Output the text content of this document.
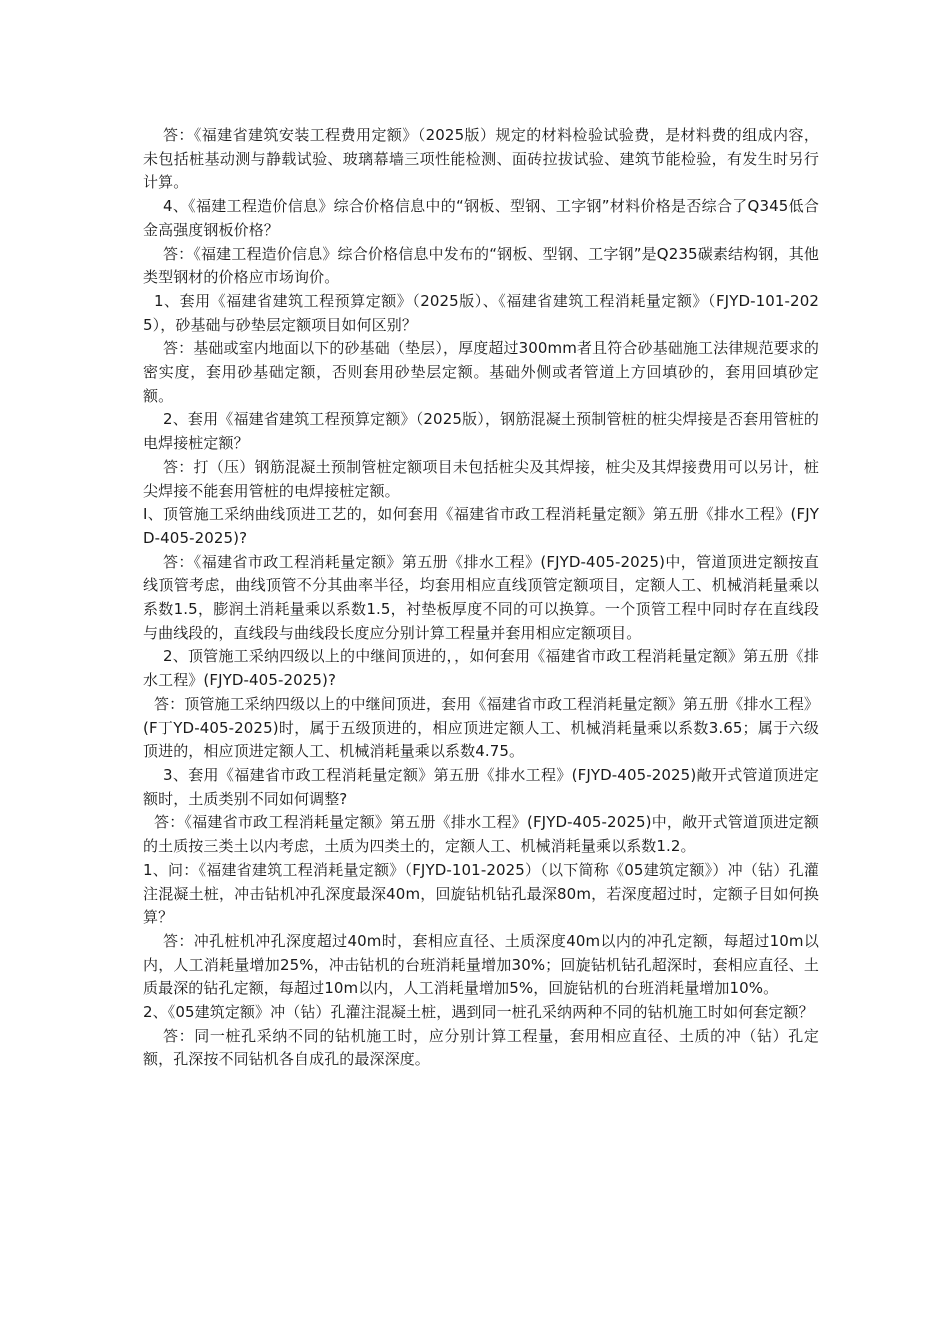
答：《福建省建筑安装工程费用定额》（2025版）规定的材料检验试验费，是材料费的组成内容，未包括桩基动测与静载试验、玻璃幕墙三项性能检测、面砖拉拔试验、建筑节能检验，有发生时另行计算。

4、《福建工程造价信息》综合价格信息中的“钢板、型钢、工字钢”材料价格是否综合了Q345低合金高强度钢板价格？

答：《福建工程造价信息》综合价格信息中发布的“钢板、型钢、工字钢”是Q235碳素结构钢，其他类型钢材的价格应市场询价。

1、套用《福建省建筑工程预算定额》（2025版）、《福建省建筑工程消耗量定额》（FJYD-101-2025），砂基础与砂垫层定额项目如何区别？

答：基础或室内地面以下的砂基础（垫层），厚度超过300mm者且符合砂基础施工法律规范要求的密实度，套用砂基础定额，否则套用砂垫层定额。基础外侧或者管道上方回填砂的，套用回填砂定额。

2、套用《福建省建筑工程预算定额》（2025版），钢筋混凝土预制管桩的桩尖焊接是否套用管桩的电焊接桩定额？

答：打（压）钢筋混凝土预制管桩定额项目未包括桩尖及其焊接，桩尖及其焊接费用可以另计，桩尖焊接不能套用管桩的电焊接桩定额。

I、顶管施工采纳曲线顶进工艺的，如何套用《福建省市政工程消耗量定额》第五册《排水工程》(FJYD-405-2025)?

答：《福建省市政工程消耗量定额》第五册《排水工程》(FJYD-405-2025)中，管道顶进定额按直线顶管考虑，曲线顶管不分其曲率半径，均套用相应直线顶管定额项目，定额人工、机械消耗量乘以系数1.5，膨润土消耗量乘以系数1.5，衬垫板厚度不同的可以换算。一个顶管工程中同时存在直线段与曲线段的，直线段与曲线段长度应分别计算工程量并套用相应定额项目。

2、顶管施工采纳四级以上的中继间顶进的，，如何套用《福建省市政工程消耗量定额》第五册《排水工程》(FJYD-405-2025)?

答：顶管施工采纳四级以上的中继间顶进，套用《福建省市政工程消耗量定额》第五册《排水工程》(F丁YD-405-2025)时，属于五级顶进的，相应顶进定额人工、机械消耗量乘以系数3.65；属于六级顶进的，相应顶进定额人工、机械消耗量乘以系数4.75。

3、套用《福建省市政工程消耗量定额》第五册《排水工程》(FJYD-405-2025)敞开式管道顶进定额时，土质类别不同如何调整?

答：《福建省市政工程消耗量定额》第五册《排水工程》(FJYD-405-2025)中，敞开式管道顶进定额的土质按三类土以内考虑，土质为四类土的，定额人工、机械消耗量乘以系数1.2。

1、问：《福建省建筑工程消耗量定额》（FJYD-101-2025）（以下简称《05建筑定额》）冲（钻）孔灌注混凝土桩，冲击钻机冲孔深度最深40m，回旋钻机钻孔最深80m，若深度超过时，定额子目如何换算？

答：冲孔桩机冲孔深度超过40m时，套相应直径、土质深度40m以内的冲孔定额，每超过10m以内，人工消耗量增加25%，冲击钻机的台班消耗量增加30%；回旋钻机钻孔超深时，套相应直径、土质最深的钻孔定额，每超过10m以内，人工消耗量增加5%，回旋钻机的台班消耗量增加10%。

2、《05建筑定额》冲（钻）孔灌注混凝土桩，遇到同一桩孔采纳两种不同的钻机施工时如何套定额？

答：同一桩孔采纳不同的钻机施工时，应分别计算工程量，套用相应直径、土质的冲（钻）孔定额，孔深按不同钻机各自成孔的最深深度。
